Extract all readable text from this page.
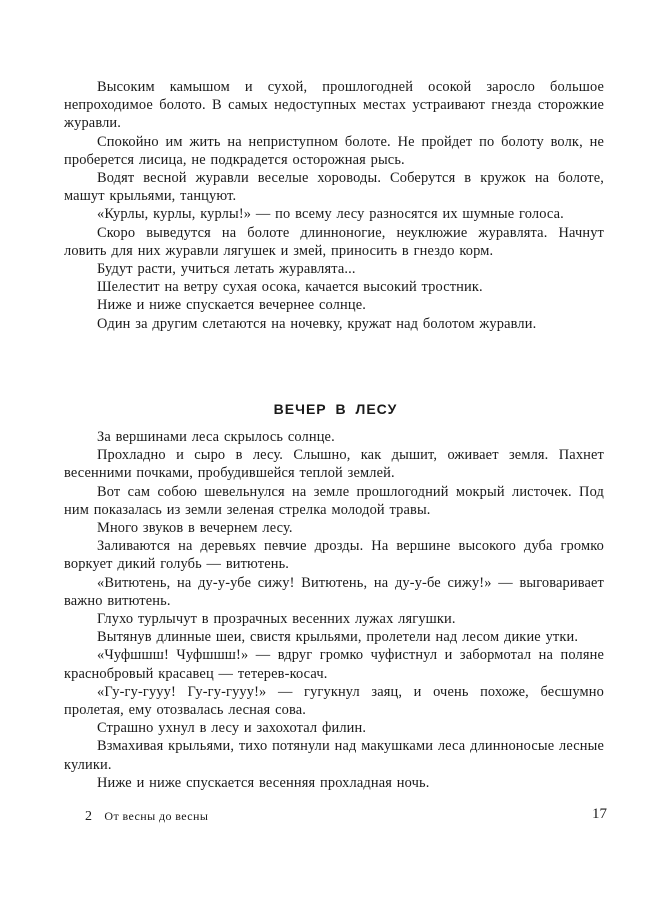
Высоким камышом и сухой, прошлогодней осокой заросло большое непроходимое болото. В самых недоступных местах устраивают гнезда сторожкие журавли.

Спокойно им жить на неприступном болоте. Не пройдет по болоту волк, не проберется лисица, не подкрадется осторожная рысь.

Водят весной журавли веселые хороводы. Соберутся в кружок на болоте, машут крыльями, танцуют.

«Курлы, курлы, курлы!» — по всему лесу разносятся их шумные голоса.

Скоро выведутся на болоте длинноногие, неуклюжие журавлята. Начнут ловить для них журавли лягушек и змей, приносить в гнездо корм.

Будут расти, учиться летать журавлята...

Шелестит на ветру сухая осока, качается высокий тростник.

Ниже и ниже спускается вечернее солнце.

Один за другим слетаются на ночевку, кружат над болотом журавли.

ВЕЧЕР В ЛЕСУ

За вершинами леса скрылось солнце.

Прохладно и сыро в лесу. Слышно, как дышит, оживает земля. Пахнет весенними почками, пробудившейся теплой землей.

Вот сам собою шевельнулся на земле прошлогодний мокрый листочек. Под ним показалась из земли зеленая стрелка молодой травы.

Много звуков в вечернем лесу.

Заливаются на деревьях певчие дрозды. На вершине высокого дуба громко воркует дикий голубь — витютень.

«Витютень, на ду-у-убе сижу! Витютень, на ду-у-бе сижу!» — выговаривает важно витютень.

Глухо турлычут в прозрачных весенних лужах лягушки.

Вытянув длинные шеи, свистя крыльями, пролетели над лесом дикие утки.

«Чуфшшш! Чуфшшш!» — вдруг громко чуфистнул и забормотал на поляне краснобровый красавец — тетерев-косач.

«Гу-гу-гууу! Гу-гу-гууу!» — гугукнул заяц, и очень похоже, бесшумно пролетая, ему отозвалась лесная сова.

Страшно ухнул в лесу и захохотал филин.

Взмахивая крыльями, тихо потянули над макушками леса длинноносые лесные кулики.

Ниже и ниже спускается весенняя прохладная ночь.

2 От весны до весны	17
